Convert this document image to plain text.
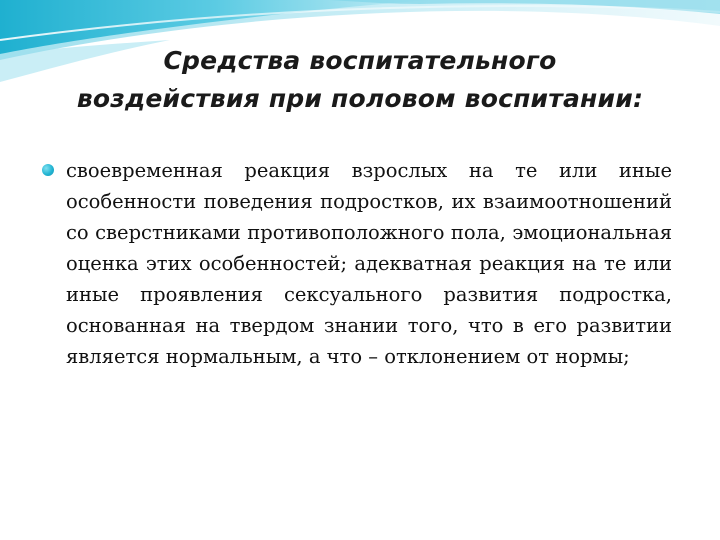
Средства воспитательного
воздействия при половом воспитании:

своевременная реакция взрослых на те или иные особенности поведения подростков, их взаимоотношений со сверстниками противоположного пола, эмоциональная оценка этих особенностей; адекватная реакция на те или иные проявления сексуального развития подростка, основанная на твердом знании того, что в его развитии является нормальным, а что – отклонением от нормы;
